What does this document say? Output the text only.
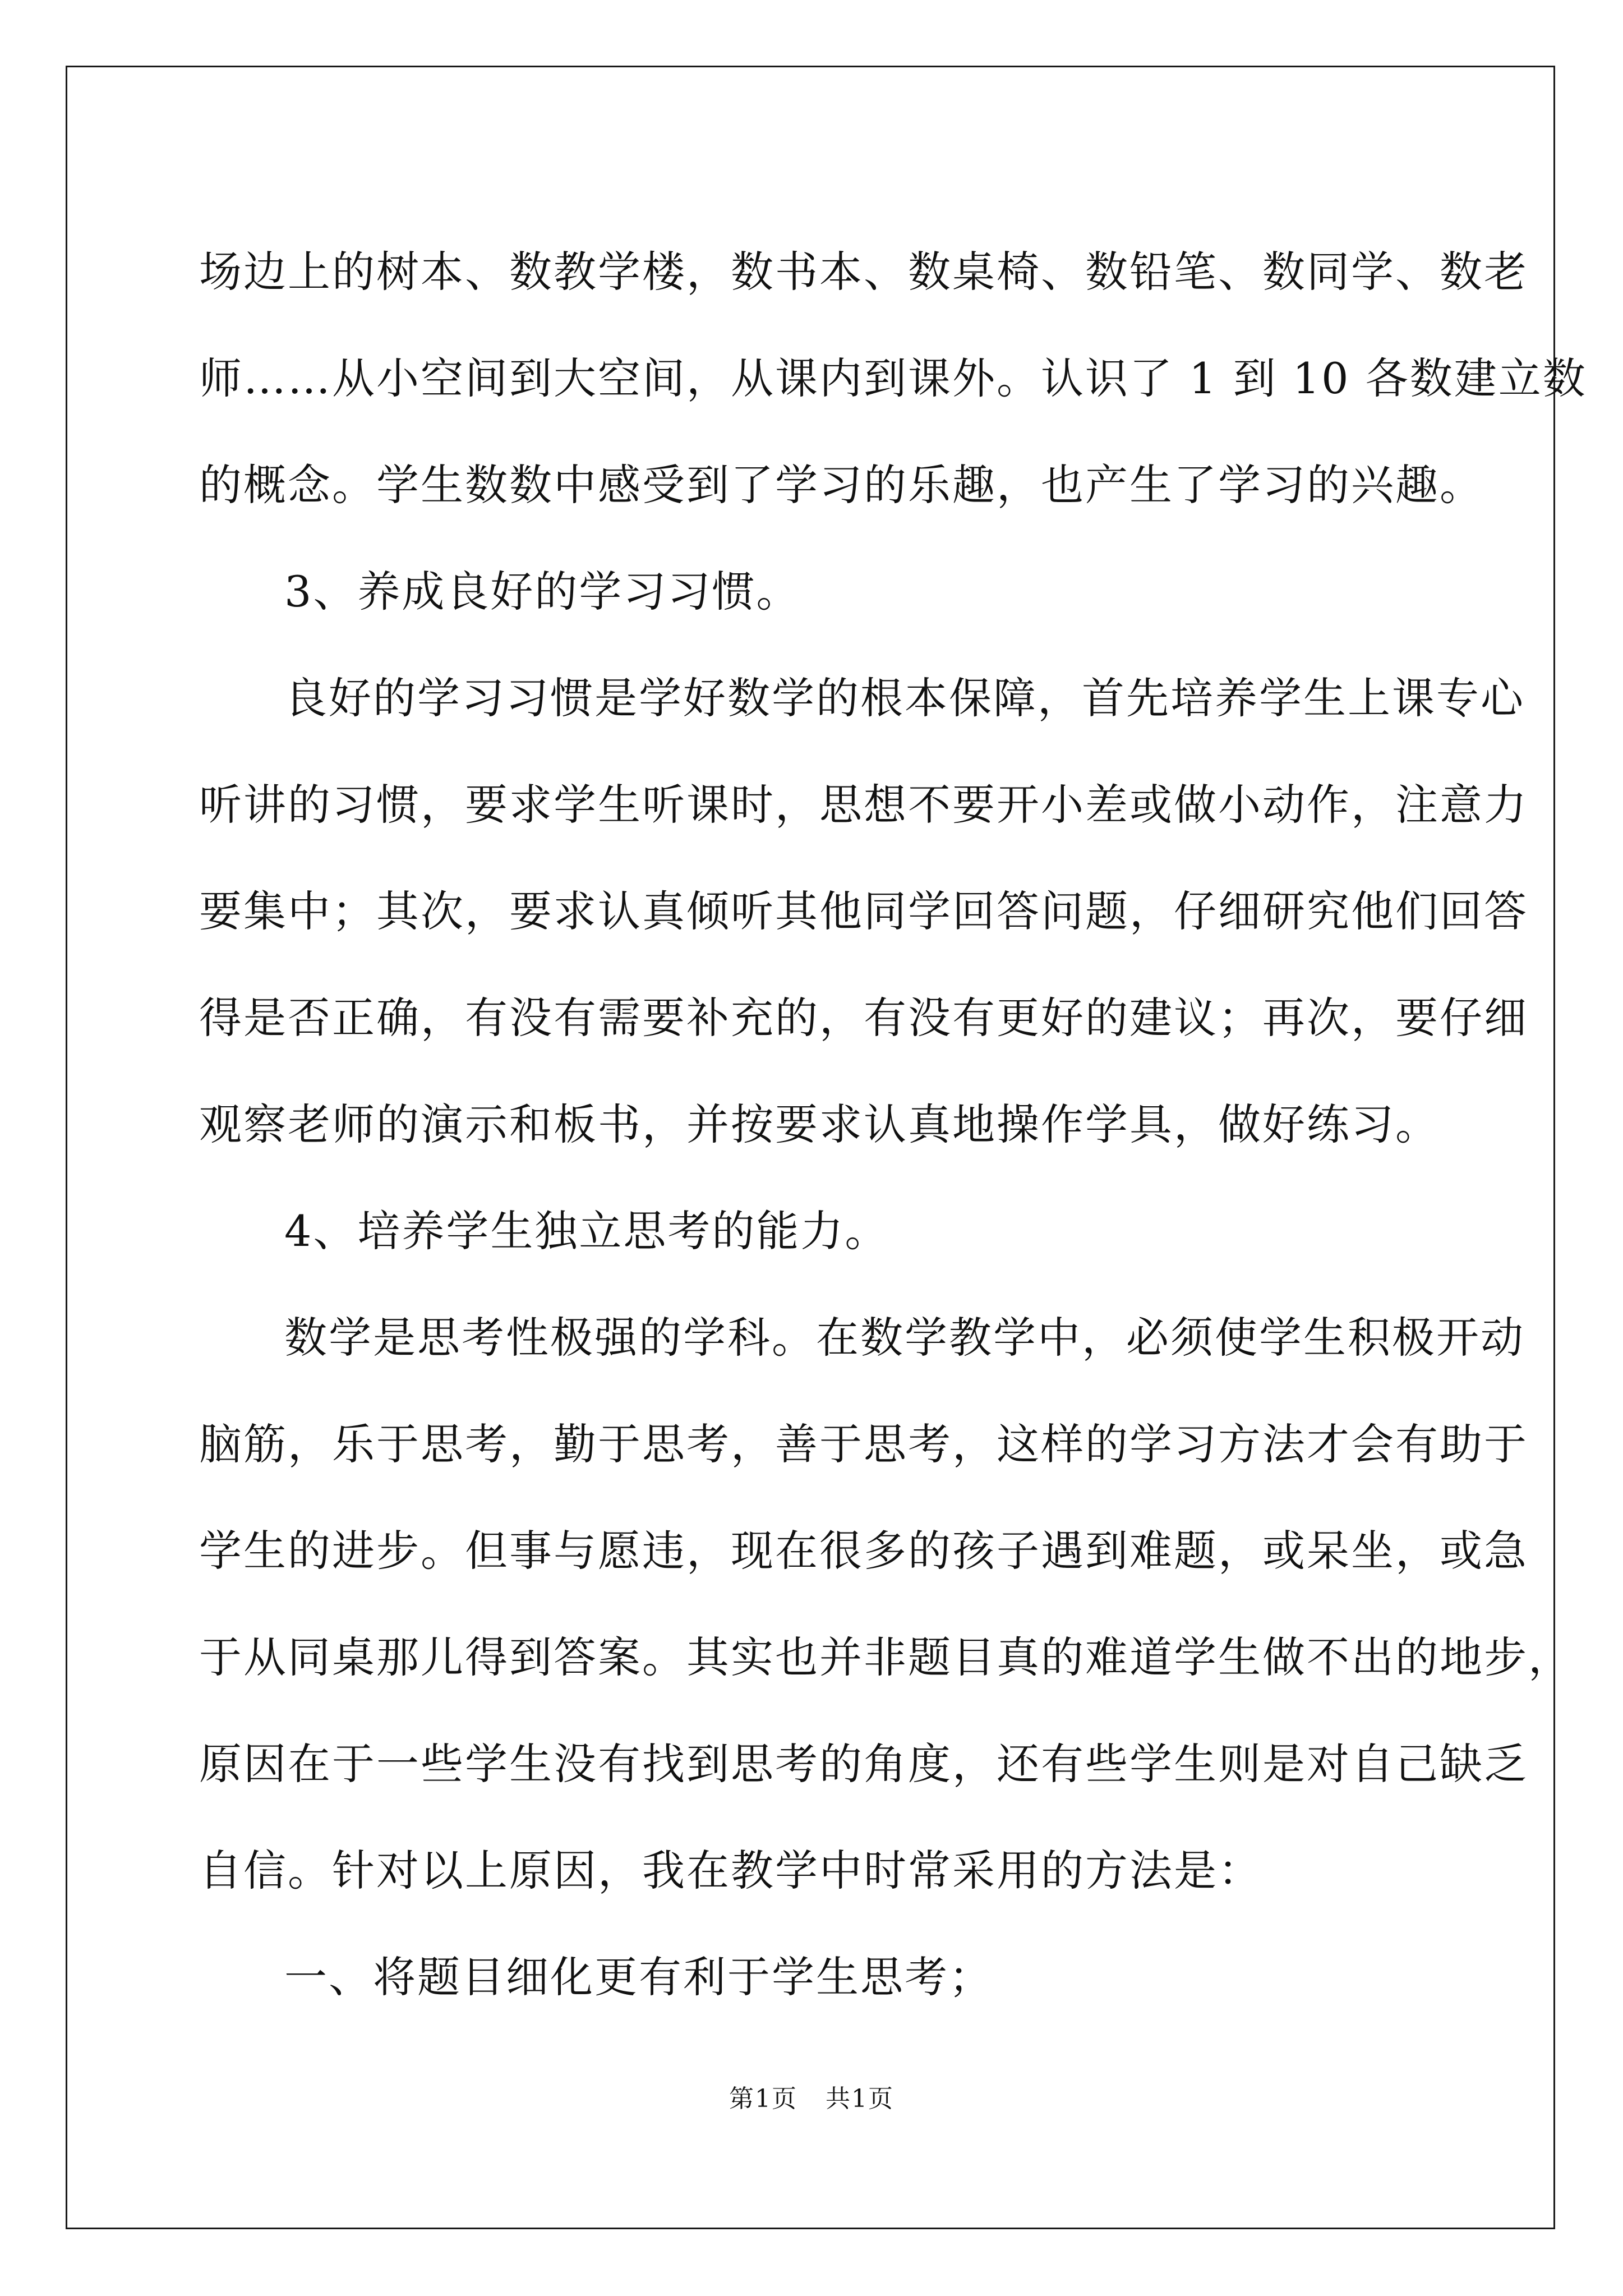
场边上的树本、数教学楼，数书本、数桌椅、数铅笔、数同学、数老

师……从小空间到大空间，从课内到课外。认识了 1 到 10 各数建立数

的概念。学生数数中感受到了学习的乐趣，也产生了学习的兴趣。

3、养成良好的学习习惯。

良好的学习习惯是学好数学的根本保障，首先培养学生上课专心

听讲的习惯，要求学生听课时，思想不要开小差或做小动作，注意力

要集中；其次，要求认真倾听其他同学回答问题，仔细研究他们回答

得是否正确，有没有需要补充的，有没有更好的建议；再次，要仔细

观察老师的演示和板书，并按要求认真地操作学具，做好练习。

4、培养学生独立思考的能力。

数学是思考性极强的学科。在数学教学中，必须使学生积极开动

脑筋，乐于思考，勤于思考，善于思考，这样的学习方法才会有助于

学生的进步。但事与愿违，现在很多的孩子遇到难题，或呆坐，或急

于从同桌那儿得到答案。其实也并非题目真的难道学生做不出的地步，

原因在于一些学生没有找到思考的角度，还有些学生则是对自己缺乏

自信。针对以上原因，我在教学中时常采用的方法是：

一、将题目细化更有利于学生思考；

第1页 共1页
